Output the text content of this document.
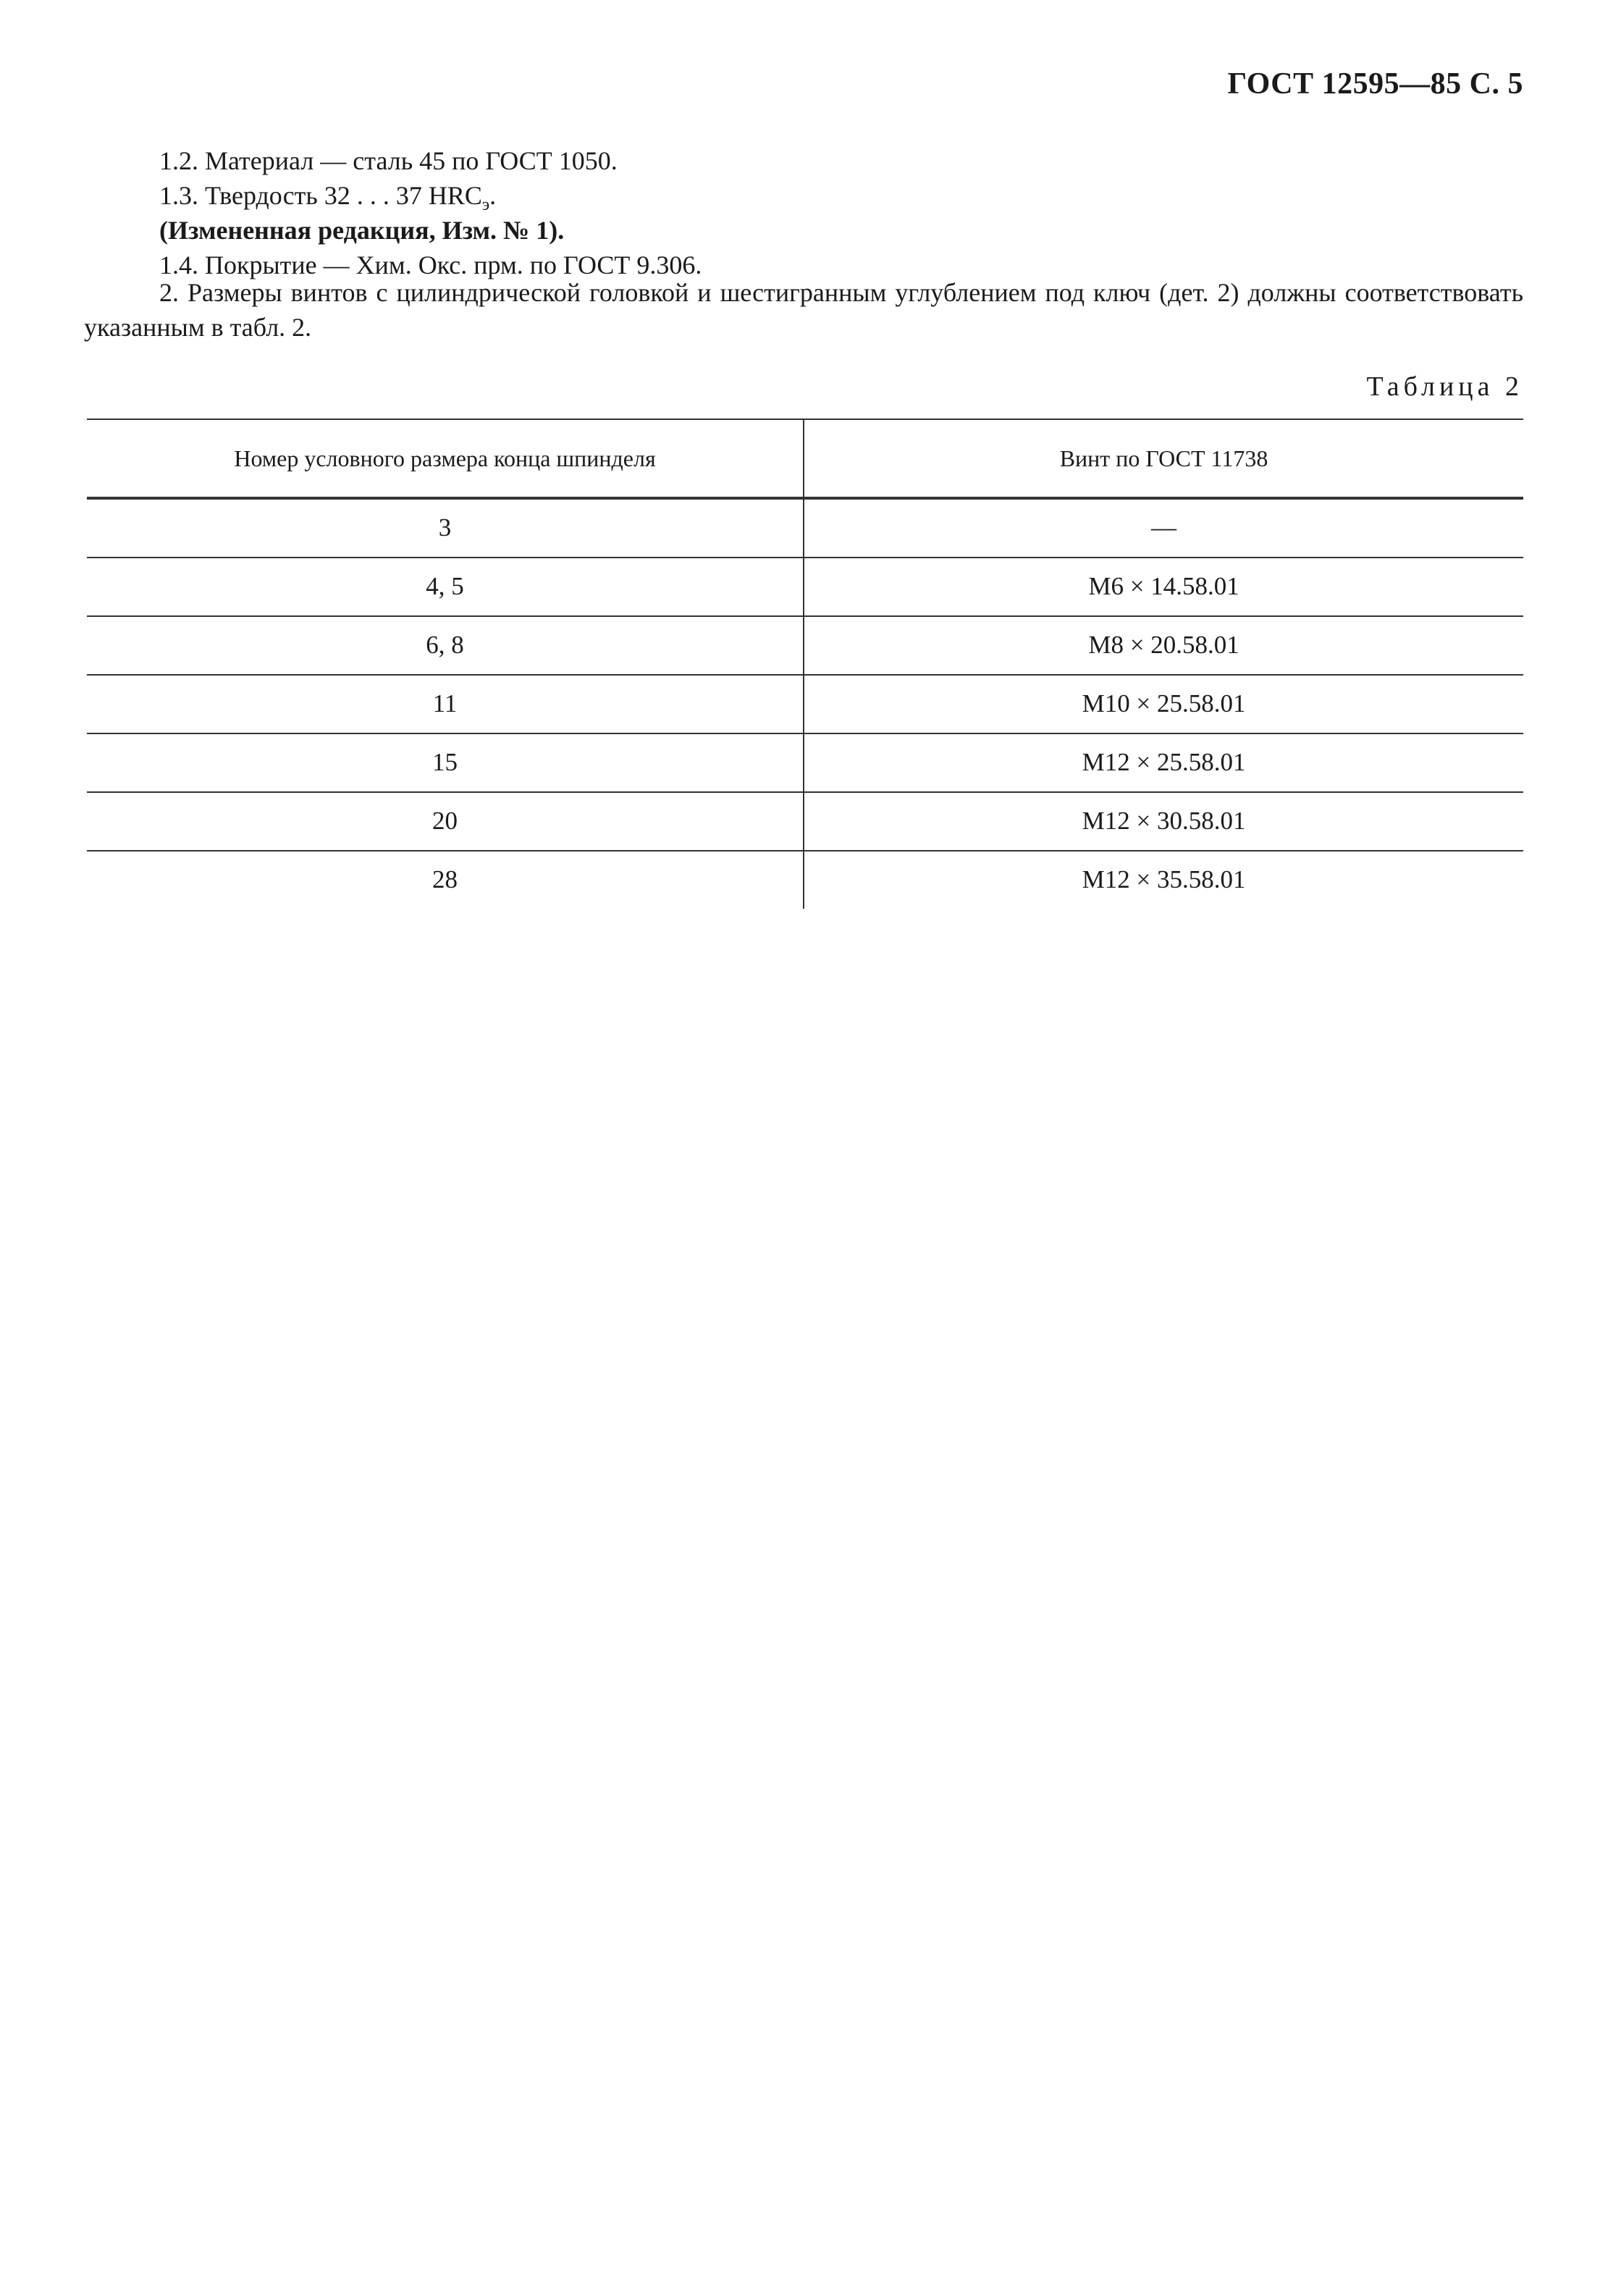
ГОСТ 12595—85 С. 5
1.2. Материал — сталь 45 по ГОСТ 1050.
1.3. Твердость 32 . . . 37 $HRC_э$.
(Измененная редакция, Изм. № 1).
1.4. Покрытие — Хим. Окс. прм. по ГОСТ 9.306.
2. Размеры винтов с цилиндрической головкой и шестигранным углублением под ключ (дет. 2) должны соответствовать указанным в табл. 2.
Таблица 2
Номер условного размера конца шпинделя	Винт по ГОСТ 11738
3	—
4, 5	М6 × 14.58.01
6, 8	М8 × 20.58.01
11	М10 × 25.58.01
15	М12 × 25.58.01
20	М12 × 30.58.01
28	М12 × 35.58.01
